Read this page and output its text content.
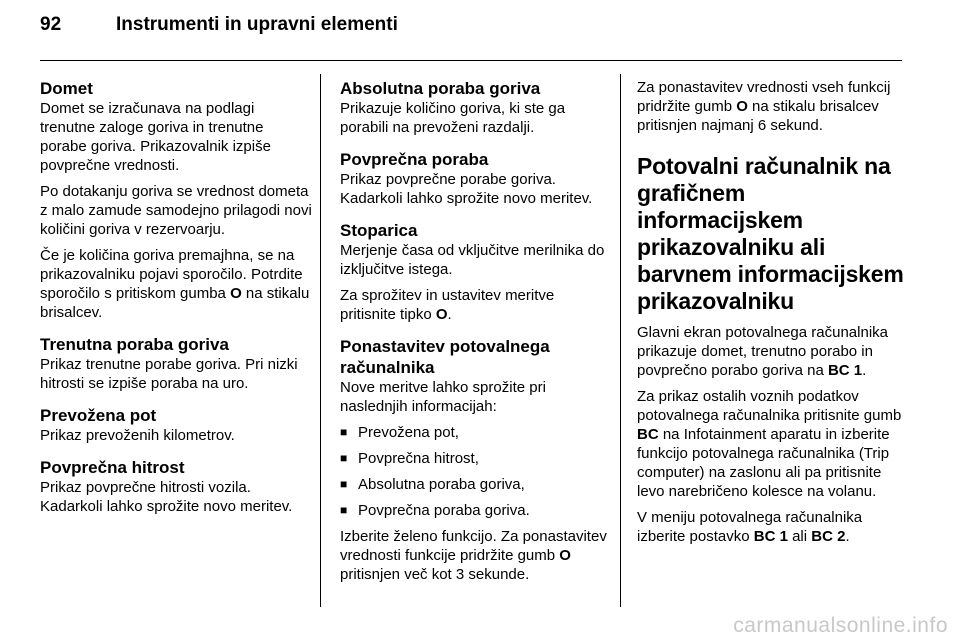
92	Instrumenti in upravni elementi
Domet

Domet se izračunava na podlagi trenutne zaloge goriva in trenutne porabe goriva. Prikazovalnik izpiše povprečne vrednosti.

Po dotakanju goriva se vrednost dometa z malo zamude samodejno prilagodi novi količini goriva v rezervoarju.

Če je količina goriva premajhna, se na prikazovalniku pojavi sporočilo. Potrdite sporočilo s pritiskom gumba O na stikalu brisalcev.

Trenutna poraba goriva

Prikaz trenutne porabe goriva. Pri nizki hitrosti se izpiše poraba na uro.

Prevožena pot

Prikaz prevoženih kilometrov.

Povprečna hitrost

Prikaz povprečne hitrosti vozila. Kadarkoli lahko sprožite novo meritev.

Absolutna poraba goriva

Prikazuje količino goriva, ki ste ga porabili na prevoženi razdalji.

Povprečna poraba

Prikaz povprečne porabe goriva. Kadarkoli lahko sprožite novo meritev.

Stoparica

Merjenje časa od vključitve merilnika do izključitve istega.

Za sprožitev in ustavitev meritve pritisnite tipko O.

Ponastavitev potovalnega računalnika

Nove meritve lahko sprožite pri naslednjih informacijah:

■ Prevožena pot,
■ Povprečna hitrost,
■ Absolutna poraba goriva,
■ Povprečna poraba goriva.

Izberite želeno funkcijo. Za ponastavitev vrednosti funkcije pridržite gumb O pritisnjen več kot 3 sekunde.

Za ponastavitev vrednosti vseh funkcij pridržite gumb O na stikalu brisalcev pritisnjen najmanj 6 sekund.

Potovalni računalnik na grafičnem informacijskem prikazovalniku ali barvnem informacijskem prikazovalniku

Glavni ekran potovalnega računalnika prikazuje domet, trenutno porabo in povprečno porabo goriva na BC 1.

Za prikaz ostalih voznih podatkov potovalnega računalnika pritisnite gumb BC na Infotainment aparatu in izberite funkcijo potovalnega računalnika (Trip computer) na zaslonu ali pa pritisnite levo narebričeno kolesce na volanu.

V meniju potovalnega računalnika izberite postavko BC 1 ali BC 2.

carmanualsonline.info
